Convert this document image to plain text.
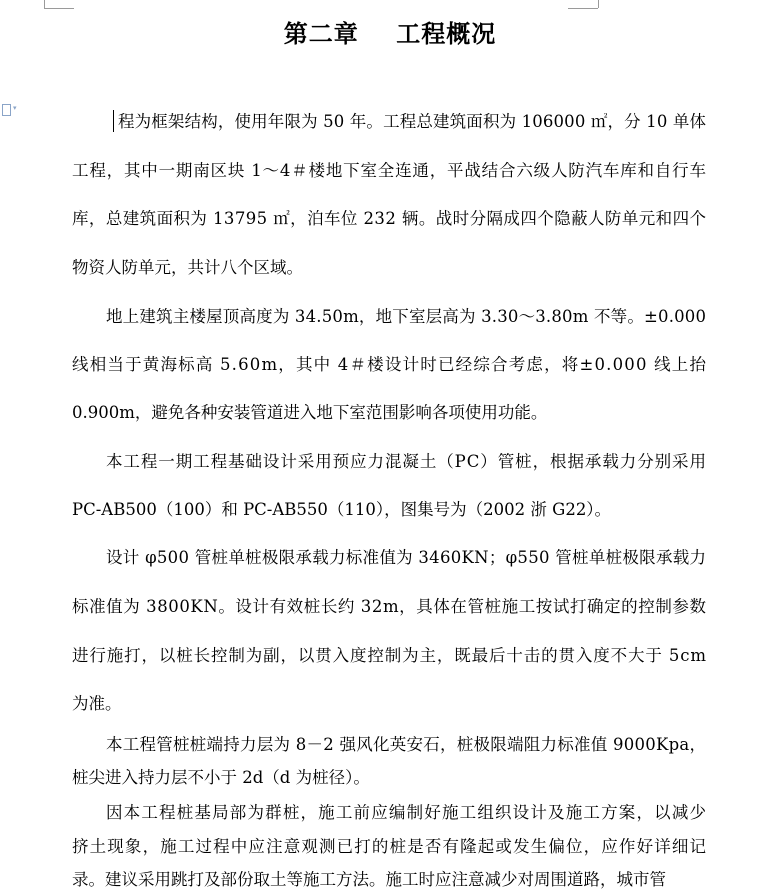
第二章    工程概况
▾
程为框架结构，使用年限为 50 年。工程总建筑面积为 106000 ㎡，分 10 单体
工程，其中一期南区块 1～4＃楼地下室全连通，平战结合六级人防汽车库和自行车
库，总建筑面积为 13795 ㎡，泊车位 232 辆。战时分隔成四个隐蔽人防单元和四个
物资人防单元，共计八个区域。
地上建筑主楼屋顶高度为 34.50m，地下室层高为 3.30～3.80m 不等。±0.000
线相当于黄海标高 5.60m，其中 4＃楼设计时已经综合考虑，将±0.000 线上抬
0.900m，避免各种安装管道进入地下室范围影响各项使用功能。
本工程一期工程基础设计采用预应力混凝土（PC）管桩，根据承载力分别采用
PC-AB500（100）和 PC-AB550（110），图集号为（2002 浙 G22）。
设计 φ500 管桩单桩极限承载力标准值为 3460KN；φ550 管桩单桩极限承载力
标准值为 3800KN。设计有效桩长约 32m，具体在管桩施工按试打确定的控制参数
进行施打，以桩长控制为副，以贯入度控制为主，既最后十击的贯入度不大于 5cm
为准。
本工程管桩桩端持力层为 8－2 强风化英安石，桩极限端阻力标准值 9000Kpa，
桩尖进入持力层不小于 2d（d 为桩径）。
因本工程桩基局部为群桩，施工前应编制好施工组织设计及施工方案，以减少
挤土现象，施工过程中应注意观测已打的桩是否有隆起或发生偏位，应作好详细记
录。建议采用跳打及部份取土等施工方法。施工时应注意减少对周围道路，城市管
